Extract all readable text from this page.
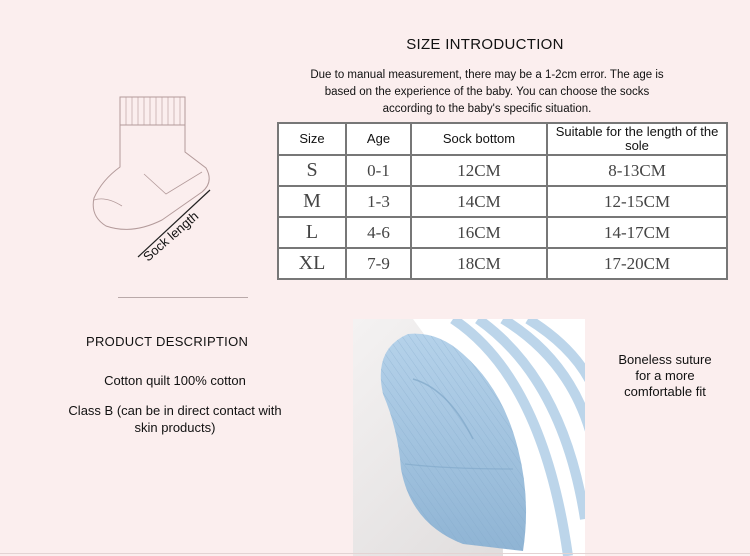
SIZE INTRODUCTION
Due to manual measurement, there may be a 1-2cm error. The age is
based on the experience of the baby. You can choose the socks
according to the baby's specific situation.
Size	Age	Sock bottom	Suitable for the length of the sole
S	0-1	12CM	8-13CM
M	1-3	14CM	12-15CM
L	4-6	16CM	14-17CM
XL	7-9	18CM	17-20CM
Sock length
PRODUCT DESCRIPTION
Cotton quilt 100% cotton
Class B (can be in direct contact with
skin products)
Boneless suture
for a more
comfortable fit
